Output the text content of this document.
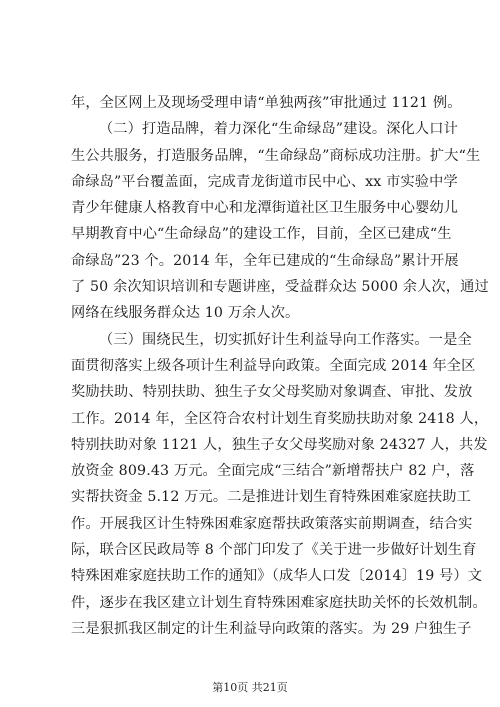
年，全区网上及现场受理申请“单独两孩”审批通过 1121 例。
（二）打造品牌，着力深化“生命绿岛”建设。深化人口计
生公共服务，打造服务品牌，“生命绿岛”商标成功注册。扩大“生
命绿岛”平台覆盖面，完成青龙街道市民中心、xx 市实验中学
青少年健康人格教育中心和龙潭街道社区卫生服务中心婴幼儿
早期教育中心“生命绿岛”的建设工作，目前，全区已建成“生
命绿岛”23 个。2014 年，全年已建成的“生命绿岛”累计开展
了 50 余次知识培训和专题讲座，受益群众达 5000 余人次，通过
网络在线服务群众达 10 万余人次。
（三）围绕民生，切实抓好计生利益导向工作落实。一是全
面贯彻落实上级各项计生利益导向政策。全面完成 2014 年全区
奖励扶助、特别扶助、独生子女父母奖励对象调查、审批、发放
工作。2014 年，全区符合农村计划生育奖励扶助对象 2418 人，
特别扶助对象 1121 人，独生子女父母奖励对象 24327 人，共发
放资金 809.43 万元。全面完成“三结合”新增帮扶户 82 户，落
实帮扶资金 5.12 万元。二是推进计划生育特殊困难家庭扶助工
作。开展我区计生特殊困难家庭帮扶政策落实前期调查，结合实
际，联合区民政局等 8 个部门印发了《关于进一步做好计划生育
特殊困难家庭扶助工作的通知》（成华人口发〔2014〕19 号）文
件，逐步在我区建立计划生育特殊困难家庭扶助关怀的长效机制。
三是狠抓我区制定的计生利益导向政策的落实。为 29 户独生子
第10页 共21页
